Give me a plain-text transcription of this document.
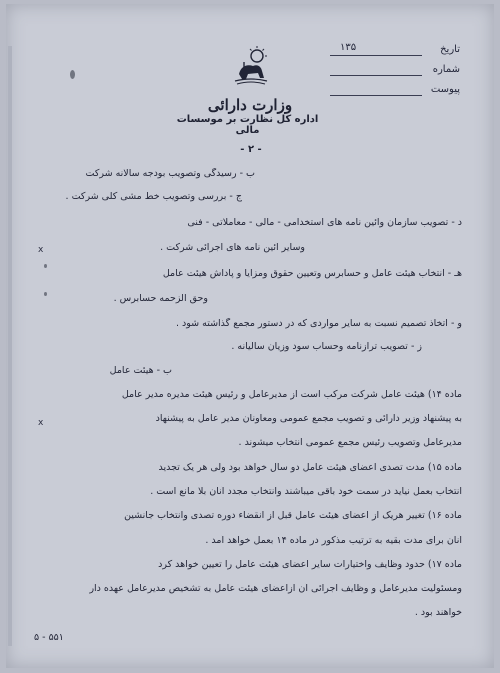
تاریخ
۱۳۵
شماره
پیوست
وزارت دارائی
اداره کل نظارت بر موسسات مالی
- ۲ -
ب - رسیدگی وتصویب بودجه سالانه شرکت
ج - بررسی وتصویب خط مشی کلی شرکت .
د - تصویب سازمان وآئین نامه های استخدامی - مالی - معاملاتی - فنی
وسایر آئین نامه های اجرائی شرکت .
هـ - انتخاب هیئت عامل و حسابرس وتعیین حقوق ومزایا و پاداش هیئت عامل
وحق الزحمه حسابرس .
و - اتخاذ تصمیم نسبت به سایر مواردی که در دستور مجمع گذاشته شود .
ز - تصویب ترازنامه وحساب سود وزیان سالیانه .
ب - هیئت عامل
ماده ۱۴) هیئت عامل شرکت مرکب است از مدیرعامل و رئیس هیئت مدیره مدیر عامل
به پیشنهاد وزیر دارائی و تصویب مجمع عمومی ومعاونان مدیر عامل به پیشنهاد
مدیرعامل وتصویب رئیس مجمع عمومی انتخاب میشوند .
ماده ۱۵) مدت تصدی اعضای هیئت عامل دو سال خواهد بود ولی هر یک تجدید
انتخاب بعمل نیاید در سمت خود باقی میباشند وانتخاب مجدد آنان بلا مانع است .
ماده ۱۶) تغییر هریک از اعضای هیئت عامل قبل از انقضاء دوره تصدی وانتخاب جانشین
آنان برای مدت بقیه به ترتیب مذکور در ماده ۱۴ بعمل خواهد آمد .
ماده ۱۷) حدود وظایف واختیارات سایر اعضای هیئت عامل را تعیین خواهد کرد
ومسئولیت مدیرعامل و وظایف اجرائی آن ازاعضای هیئت عامل به تشخیص مدیرعامل عهده دار
خواهند بود .
x
x
۵۵۱ - ۵
